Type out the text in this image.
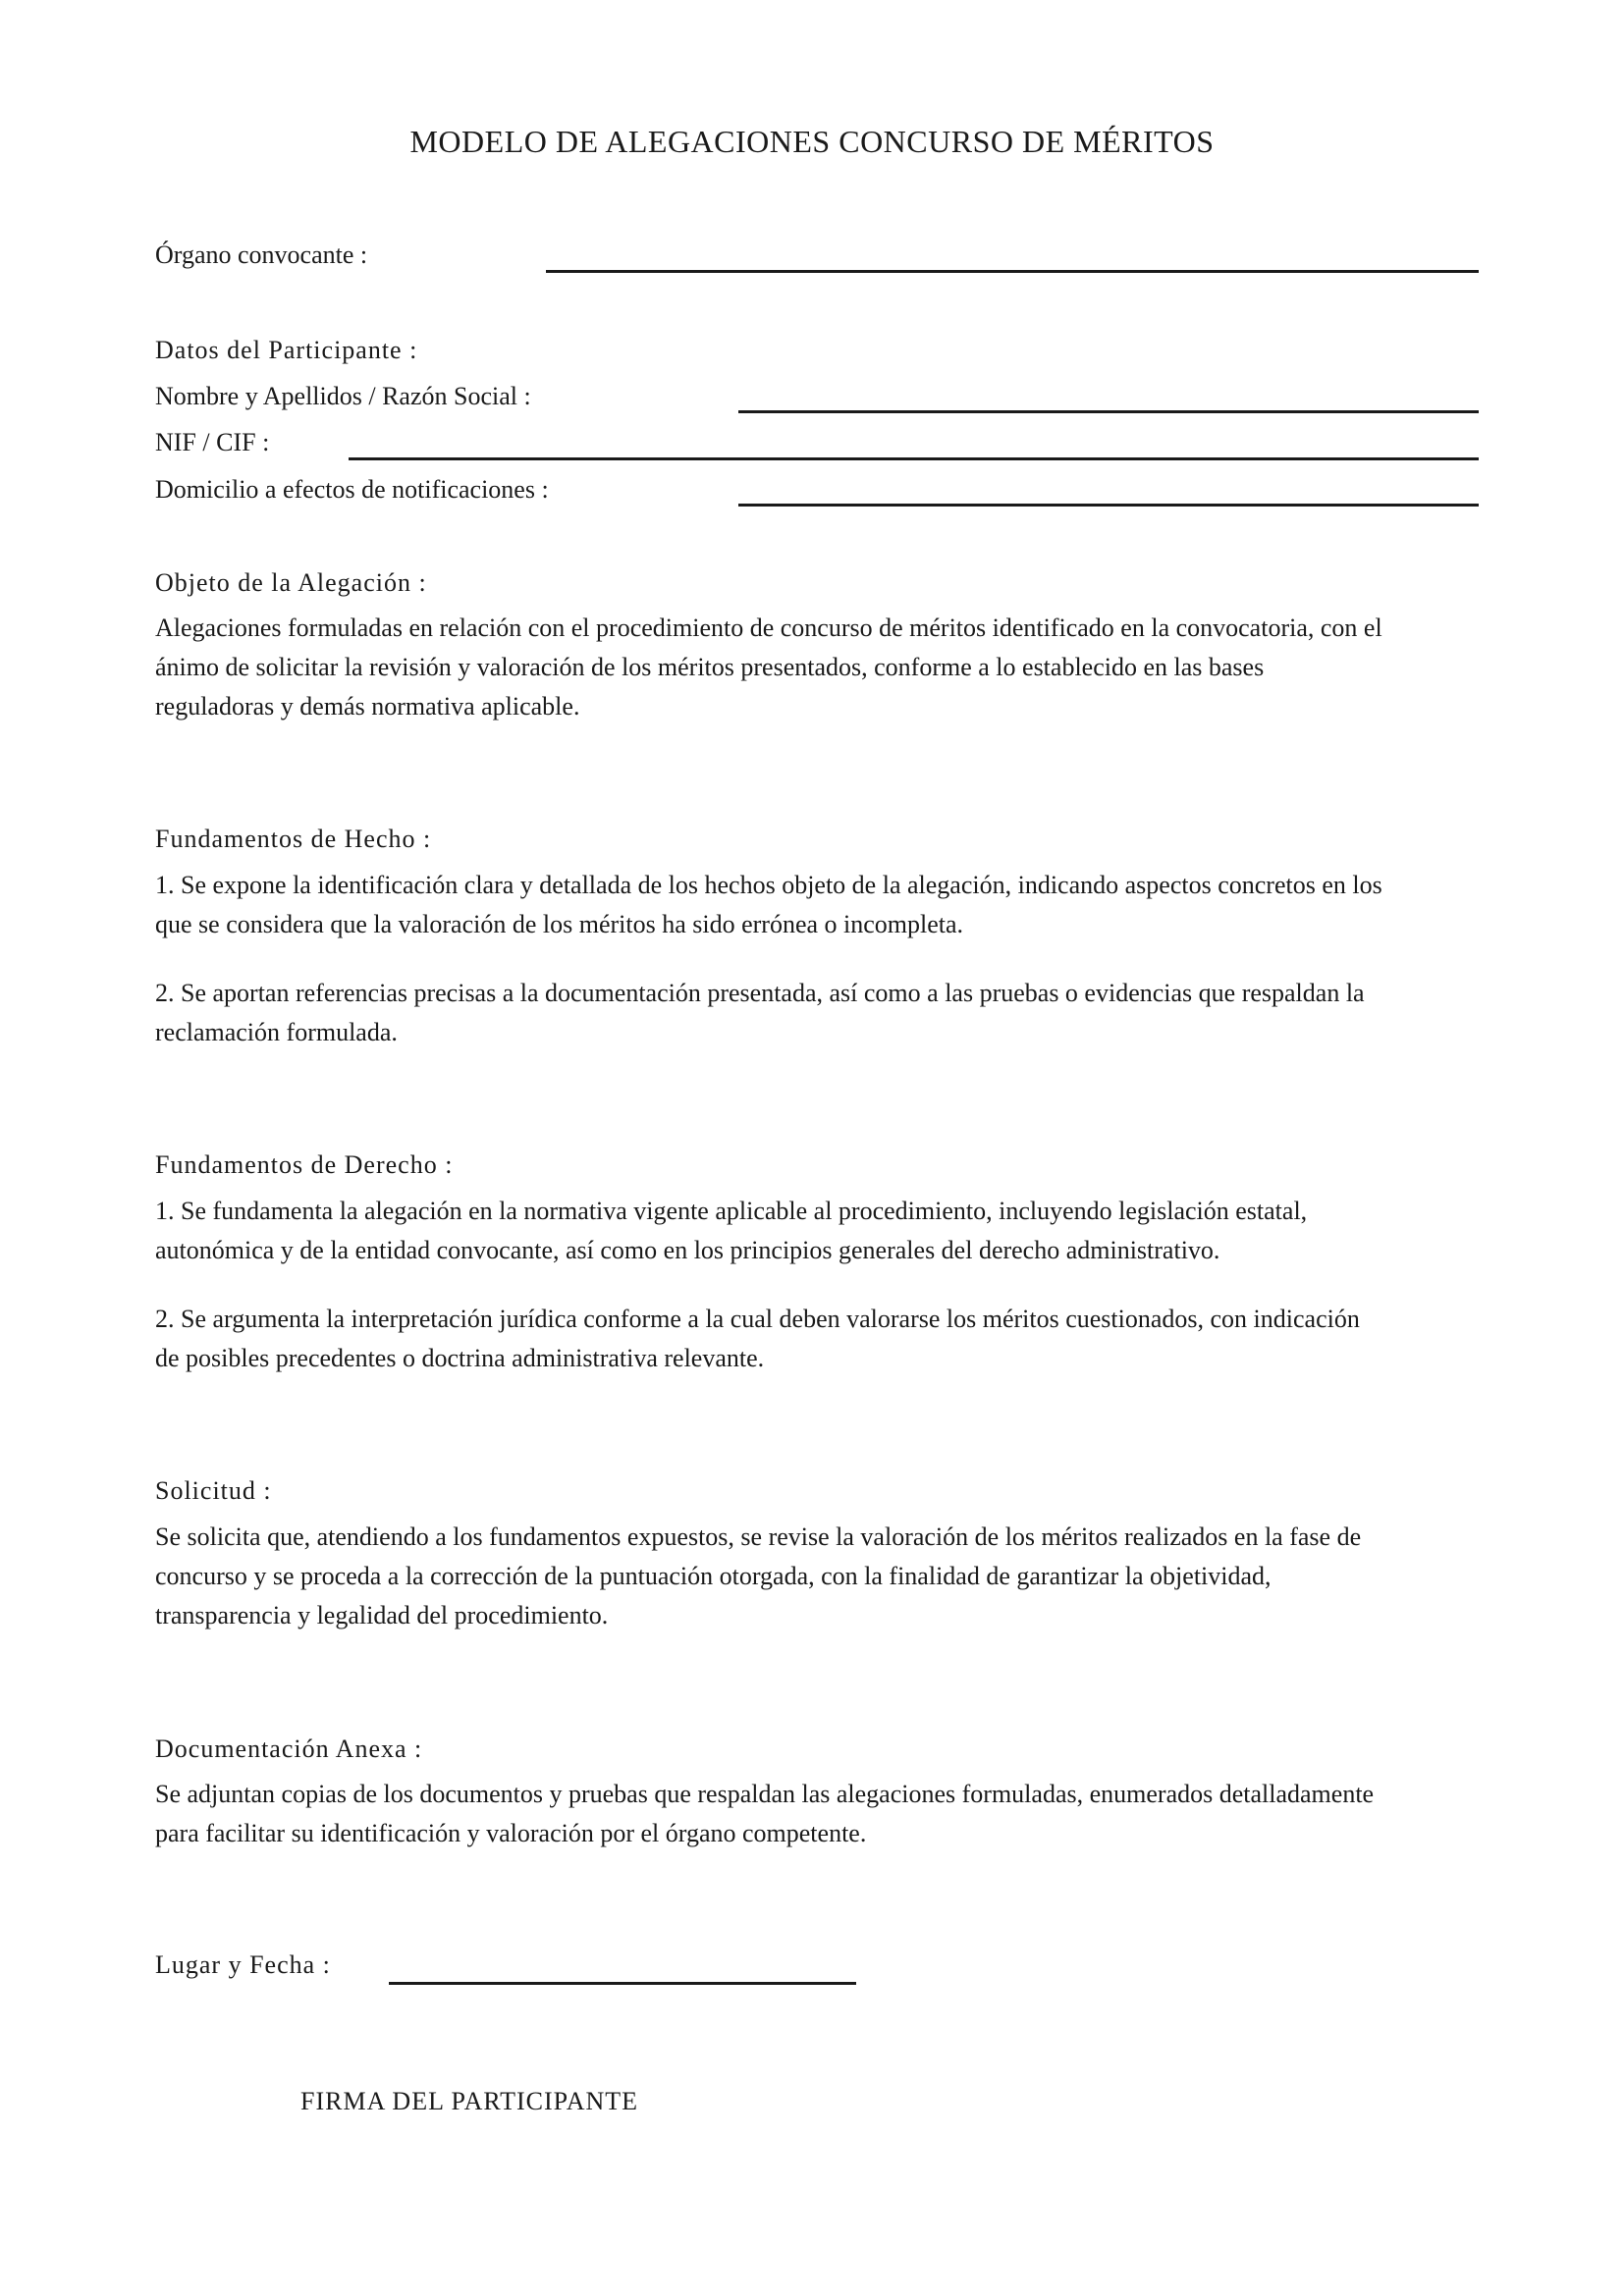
MODELO DE ALEGACIONES CONCURSO DE MÉRITOS
Órgano convocante :
Datos del Participante :
Nombre y Apellidos / Razón Social :
NIF / CIF :
Domicilio a efectos de notificaciones :
Objeto de la Alegación :

Alegaciones formuladas en relación con el procedimiento de concurso de méritos identificado en la convocatoria, con el

ánimo de solicitar la revisión y valoración de los méritos presentados, conforme a lo establecido en las bases

reguladoras y demás normativa aplicable.

Fundamentos de Hecho :

1. Se expone la identificación clara y detallada de los hechos objeto de la alegación, indicando aspectos concretos en los

que se considera que la valoración de los méritos ha sido errónea o incompleta.

2. Se aportan referencias precisas a la documentación presentada, así como a las pruebas o evidencias que respaldan la

reclamación formulada.

Fundamentos de Derecho :

1. Se fundamenta la alegación en la normativa vigente aplicable al procedimiento, incluyendo legislación estatal,

autonómica y de la entidad convocante, así como en los principios generales del derecho administrativo.

2. Se argumenta la interpretación jurídica conforme a la cual deben valorarse los méritos cuestionados, con indicación

de posibles precedentes o doctrina administrativa relevante.

Solicitud :

Se solicita que, atendiendo a los fundamentos expuestos, se revise la valoración de los méritos realizados en la fase de

concurso y se proceda a la corrección de la puntuación otorgada, con la finalidad de garantizar la objetividad,

transparencia y legalidad del procedimiento.

Documentación Anexa :

Se adjuntan copias de los documentos y pruebas que respaldan las alegaciones formuladas, enumerados detalladamente

para facilitar su identificación y valoración por el órgano competente.

Lugar y Fecha :
FIRMA DEL PARTICIPANTE
